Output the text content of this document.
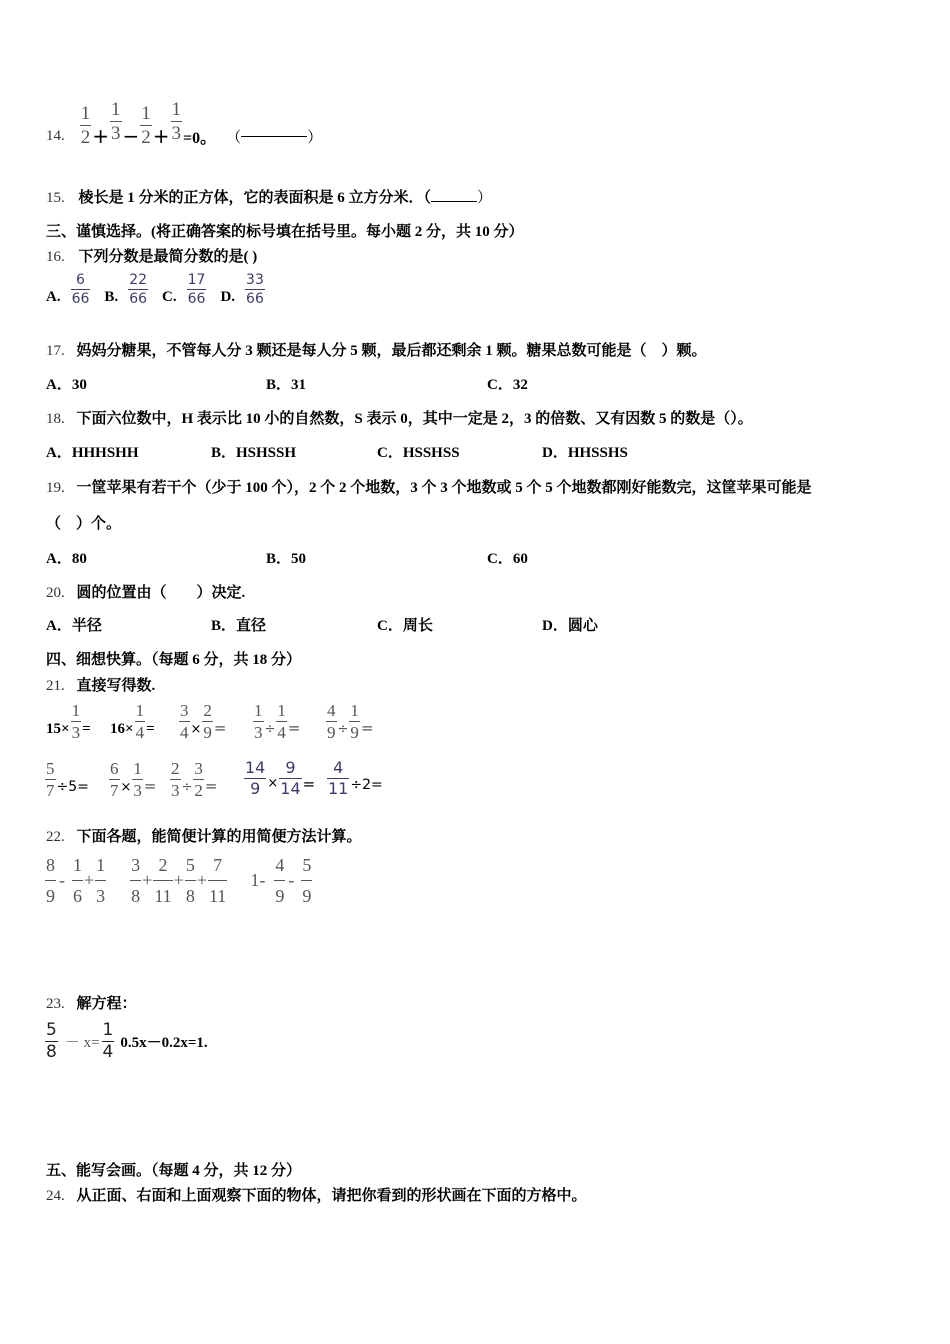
14. $\frac{1}{2} + \frac{1}{3} - \frac{1}{2} + \frac{1}{3} =0$。 （	）
15. 棱长是 1 分米的正方体，它的表面积是 6 立方分米．（	）
三、谨慎选择。(将正确答案的标号填在括号里。每小题 2 分，共 10 分）
16. 下列分数是最简分数的是( )
A. $\frac{6}{66} B$. $\frac{22}{66} C$. $\frac{17}{66} D$. $\frac{33}{66}$
17. 妈妈分糖果，不管每人分 3 颗还是每人分 5 颗，最后都还剩余 1 颗。糖果总数可能是（　）颗。
A．30	B．31	C．32
18. 下面六位数中，H 表示比 10 小的自然数，S 表示 0，其中一定是 2，3 的倍数、又有因数 5 的数是（）。
A．HHHSHH	B．HSHSSH	C．HSSHSS	D．HHSSHS
19. 一筐苹果有若干个（少于 100 个），2 个 2 个地数，3 个 3 个地数或 5 个 5 个地数都刚好能数完，这筐苹果可能是
（　）个。
A．80	B．50	C．60
20. 圆的位置由（　　）决定.
A．半径	B．直径	C．周长	D．圆心
四、细想快算。（每题 6 分，共 18 分）
21. 直接写得数.
$15\times \frac{1}{3} = 16\times \frac{1}{4} = \frac{3}{4} \times \frac{2}{9} = \frac{1}{3} \div \frac{1}{4} = \frac{4}{9} \div \frac{1}{9}$ =
$\frac{5}{7} \div 5= \frac{6}{7} \times \frac{1}{3} = \frac{2}{3} \div \frac{3}{2} = \frac{14}{9} \times \frac{9}{14} = \frac{4}{11} \div 2=$
22. 下面各题，能简便计算的用简便方法计算。
$\frac{8}{9} - \frac{1}{6} + \frac{1}{3} \frac{3}{8} + \frac{2}{11} + \frac{5}{8} + \frac{7}{11} 1- \frac{4}{9} - \frac{5}{9}$
23. 解方程：
$\frac{5}{8} - x= \frac{1}{4} 0.5x-0.2x=1$.
五、能写会画。（每题 4 分，共 12 分）
24. 从正面、右面和上面观察下面的物体，请把你看到的形状画在下面的方格中。
